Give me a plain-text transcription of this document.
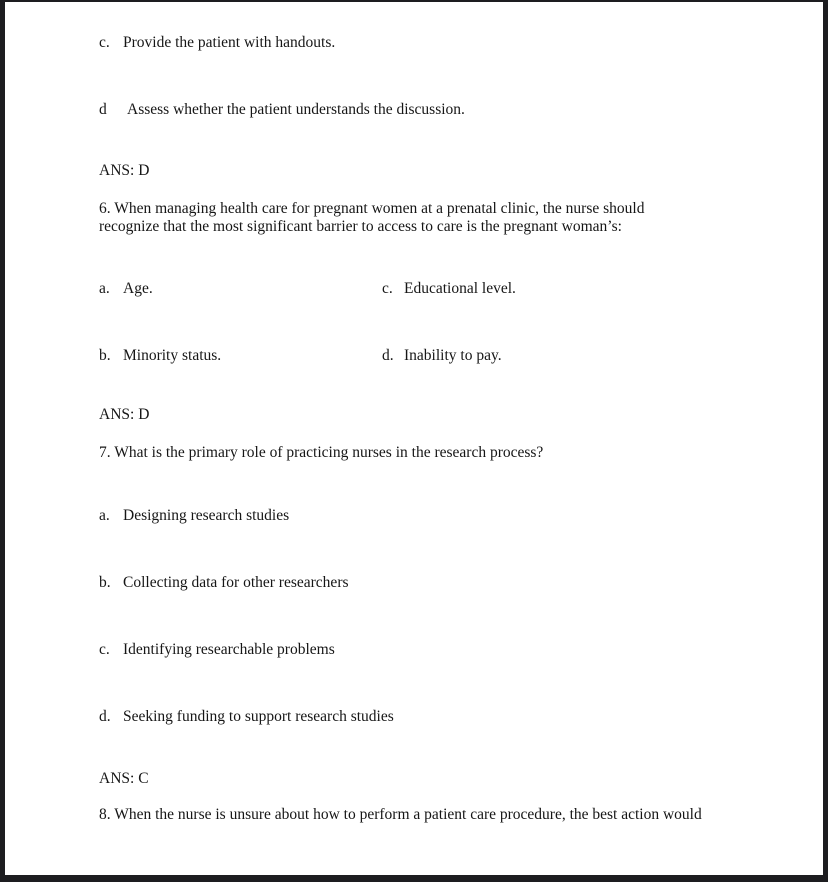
c. Provide the patient with handouts.
d	Assess whether the patient understands the discussion.
ANS: D
6. When managing health care for pregnant women at a prenatal clinic, the nurse should recognize that the most significant barrier to access to care is the pregnant woman’s:
a. Age.	c. Educational level.
b. Minority status.	d. Inability to pay.
ANS: D
7. What is the primary role of practicing nurses in the research process?
a. Designing research studies
b. Collecting data for other researchers
c. Identifying researchable problems
d. Seeking funding to support research studies
ANS: C
8. When the nurse is unsure about how to perform a patient care procedure, the best action would
